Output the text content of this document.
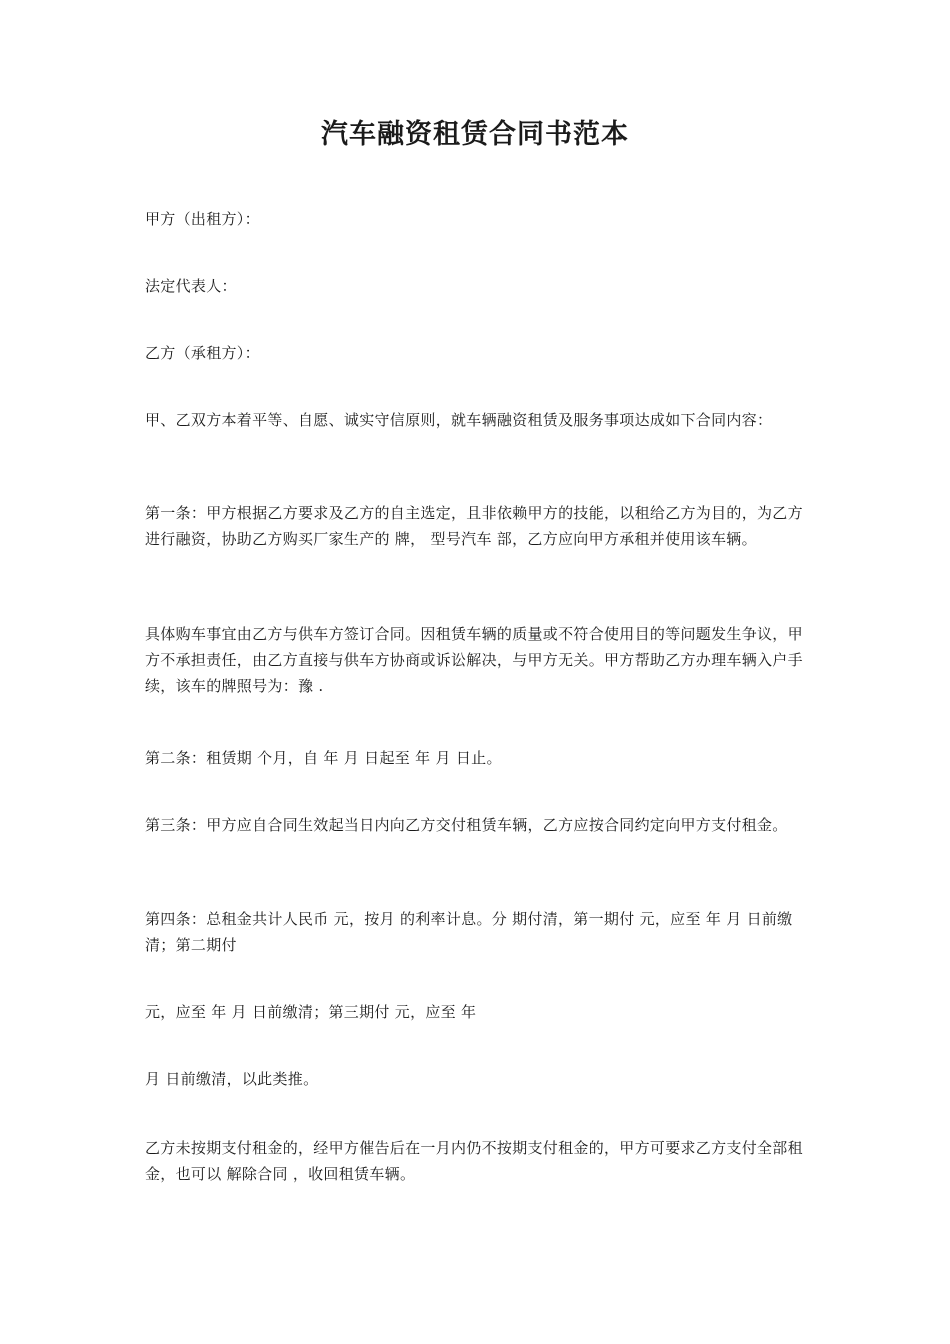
汽车融资租赁合同书范本

甲方（出租方）：

法定代表人：

乙方（承租方）：

甲、乙双方本着平等、自愿、诚实守信原则，就车辆融资租赁及服务事项达成如下合同内容：

第一条：甲方根据乙方要求及乙方的自主选定，且非依赖甲方的技能，以租给乙方为目的，为乙方进行融资，协助乙方购买厂家生产的 牌， 型号汽车 部，乙方应向甲方承租并使用该车辆。

具体购车事宜由乙方与供车方签订合同。因租赁车辆的质量或不符合使用目的等问题发生争议，甲方不承担责任，由乙方直接与供车方协商或诉讼解决，与甲方无关。甲方帮助乙方办理车辆入户手续，该车的牌照号为：豫 .

第二条：租赁期 个月，自 年 月 日起至 年 月 日止。

第三条：甲方应自合同生效起当日内向乙方交付租赁车辆，乙方应按合同约定向甲方支付租金。

第四条：总租金共计人民币 元，按月 的利率计息。分 期付清，第一期付 元，应至 年 月 日前缴清；第二期付

元，应至 年 月 日前缴清；第三期付 元，应至 年

月 日前缴清，以此类推。

乙方未按期支付租金的，经甲方催告后在一月内仍不按期支付租金的，甲方可要求乙方支付全部租金，也可以 解除合同 ，收回租赁车辆。
